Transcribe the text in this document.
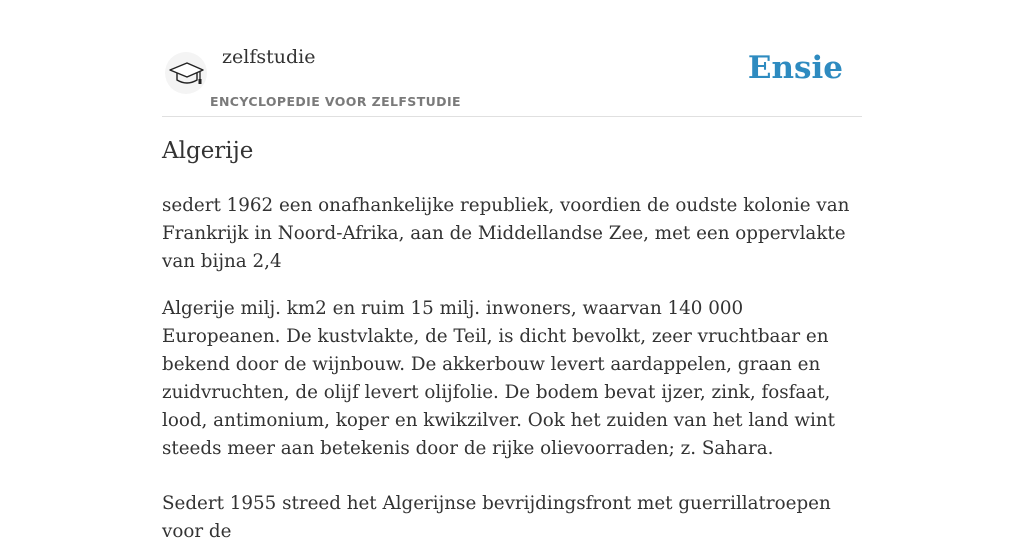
zelfstudie
ENCYCLOPEDIE VOOR ZELFSTUDIE
Ensie
Algerije

sedert 1962 een onafhankelijke republiek, voordien de oudste kolonie van Frankrijk in Noord-Afrika, aan de Middellandse Zee, met een oppervlakte van bijna 2,4

Algerije milj. km2 en ruim 15 milj. inwoners, waarvan 140 000 Europeanen. De kustvlakte, de Teil, is dicht bevolkt, zeer vruchtbaar en bekend door de wijnbouw. De akkerbouw levert aardappelen, graan en zuidvruchten, de olijf levert olijfolie. De bodem bevat ijzer, zink, fosfaat, lood, antimonium, koper en kwikzilver. Ook het zuiden van het land wint steeds meer aan betekenis door de rijke olievoorraden; z. Sahara.

Sedert 1955 streed het Algerijnse bevrijdingsfront met guerrillatroepen voor de
